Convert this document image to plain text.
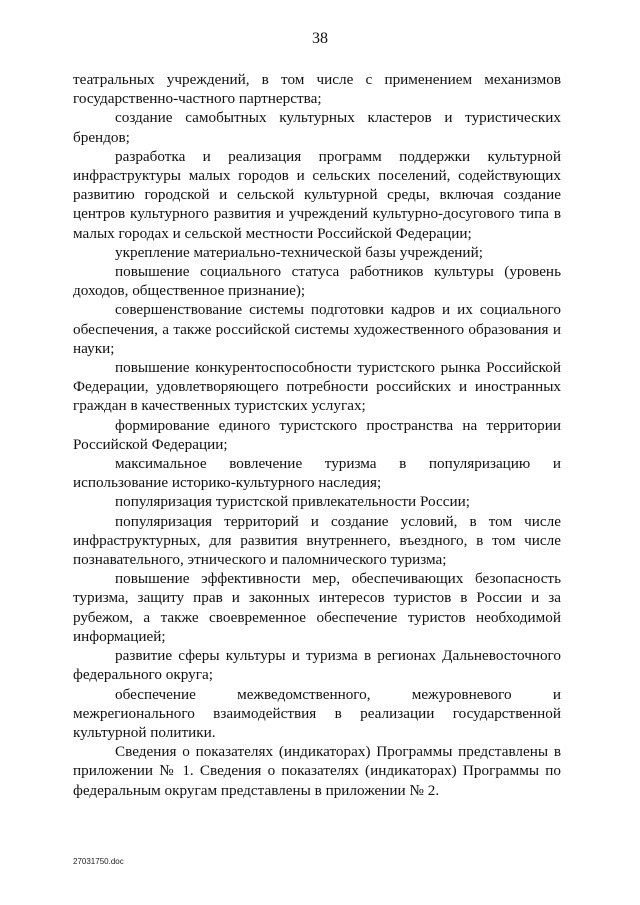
38

театральных учреждений, в том числе с применением механизмов государственно-частного партнерства;

создание самобытных культурных кластеров и туристических брендов;

разработка и реализация программ поддержки культурной инфраструктуры малых городов и сельских поселений, содействующих развитию городской и сельской культурной среды, включая создание центров культурного развития и учреждений культурно-досугового типа в малых городах и сельской местности Российской Федерации;

укрепление материально-технической базы учреждений;

повышение социального статуса работников культуры (уровень доходов, общественное признание);

совершенствование системы подготовки кадров и их социального обеспечения, а также российской системы художественного образования и науки;

повышение конкурентоспособности туристского рынка Российской Федерации, удовлетворяющего потребности российских и иностранных граждан в качественных туристских услугах;

формирование единого туристского пространства на территории Российской Федерации;

максимальное вовлечение туризма в популяризацию и использование историко-культурного наследия;

популяризация туристской привлекательности России;

популяризация территорий и создание условий, в том числе инфраструктурных, для развития внутреннего, въездного, в том числе познавательного, этнического и паломнического туризма;

повышение эффективности мер, обеспечивающих безопасность туризма, защиту прав и законных интересов туристов в России и за рубежом, а также своевременное обеспечение туристов необходимой информацией;

развитие сферы культуры и туризма в регионах Дальневосточного федерального округа;

обеспечение межведомственного, межуровневого и межрегионального взаимодействия в реализации государственной культурной политики.

Сведения о показателях (индикаторах) Программы представлены в приложении № 1. Сведения о показателях (индикаторах) Программы по федеральным округам представлены в приложении № 2.

27031750.doc
